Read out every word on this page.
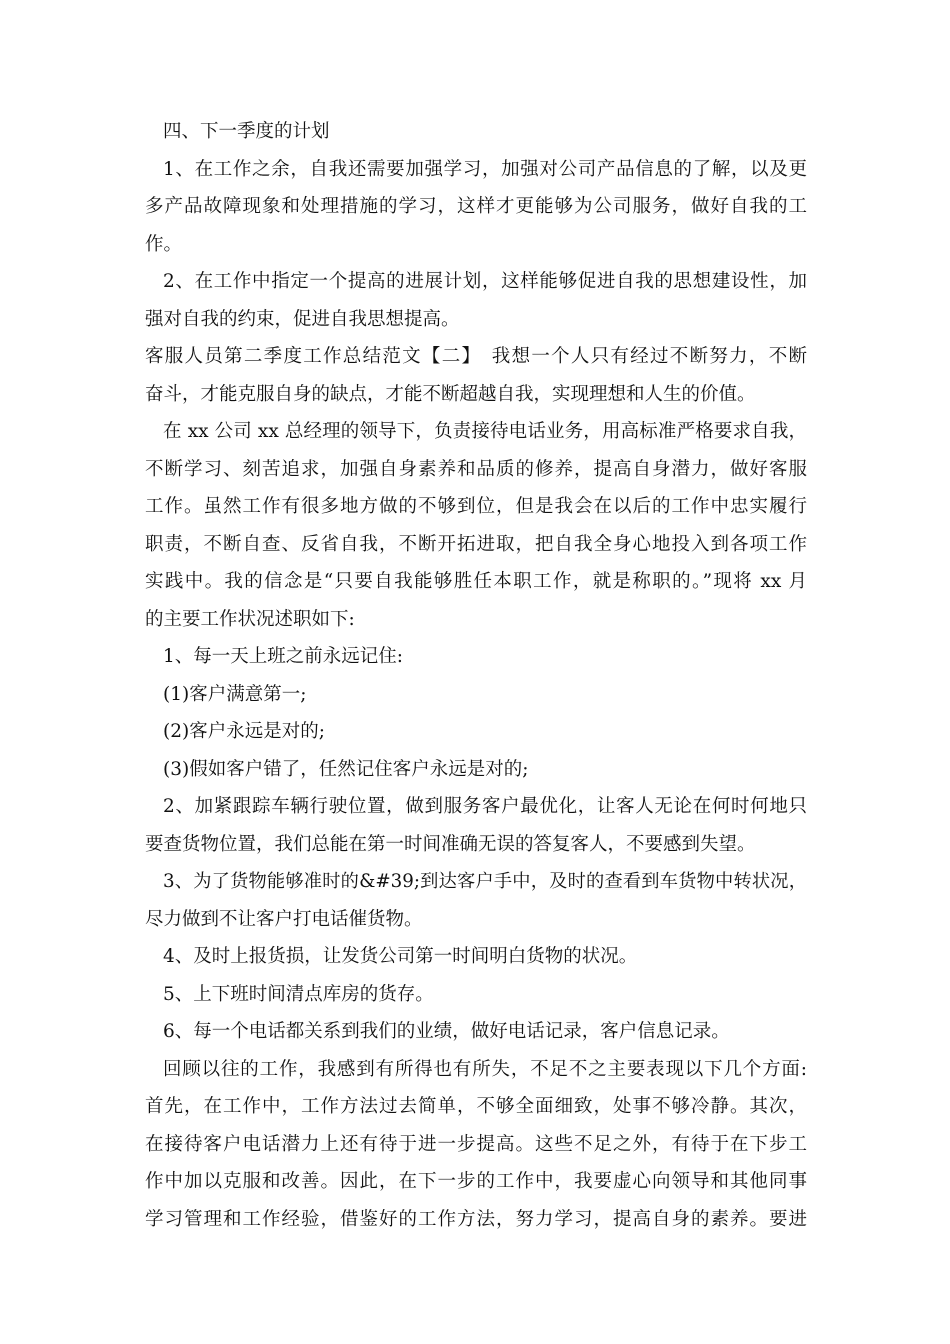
四、下一季度的计划
1、在工作之余，自我还需要加强学习，加强对公司产品信息的了解，以及更
多产品故障现象和处理措施的学习，这样才更能够为公司服务，做好自我的工
作。
2、在工作中指定一个提高的进展计划，这样能够促进自我的思想建设性，加
强对自我的约束，促进自我思想提高。
客服人员第二季度工作总结范文【二】　我想一个人只有经过不断努力，不断
奋斗，才能克服自身的缺点，才能不断超越自我，实现理想和人生的价值。
在 xx 公司 xx 总经理的领导下，负责接待电话业务，用高标准严格要求自我，
不断学习、刻苦追求，加强自身素养和品质的修养，提高自身潜力，做好客服
工作。虽然工作有很多地方做的不够到位，但是我会在以后的工作中忠实履行
职责，不断自查、反省自我，不断开拓进取，把自我全身心地投入到各项工作
实践中。我的信念是“只要自我能够胜任本职工作，就是称职的。”现将 xx 月
的主要工作状况述职如下:
1、每一天上班之前永远记住:
(1)客户满意第一;
(2)客户永远是对的;
(3)假如客户错了，任然记住客户永远是对的;
2、加紧跟踪车辆行驶位置，做到服务客户最优化，让客人无论在何时何地只
要查货物位置，我们总能在第一时间准确无误的答复客人，不要感到失望。
3、为了货物能够准时的&#39;到达客户手中，及时的查看到车货物中转状况，
尽力做到不让客户打电话催货物。
4、及时上报货损，让发货公司第一时间明白货物的状况。
5、上下班时间清点库房的货存。
6、每一个电话都关系到我们的业绩，做好电话记录，客户信息记录。
回顾以往的工作，我感到有所得也有所失，不足不之主要表现以下几个方面:
首先，在工作中，工作方法过去简单，不够全面细致，处事不够冷静。其次，
在接待客户电话潜力上还有待于进一步提高。这些不足之外，有待于在下步工
作中加以克服和改善。因此，在下一步的工作中，我要虚心向领导和其他同事
学习管理和工作经验，借鉴好的工作方法，努力学习，提高自身的素养。要进
